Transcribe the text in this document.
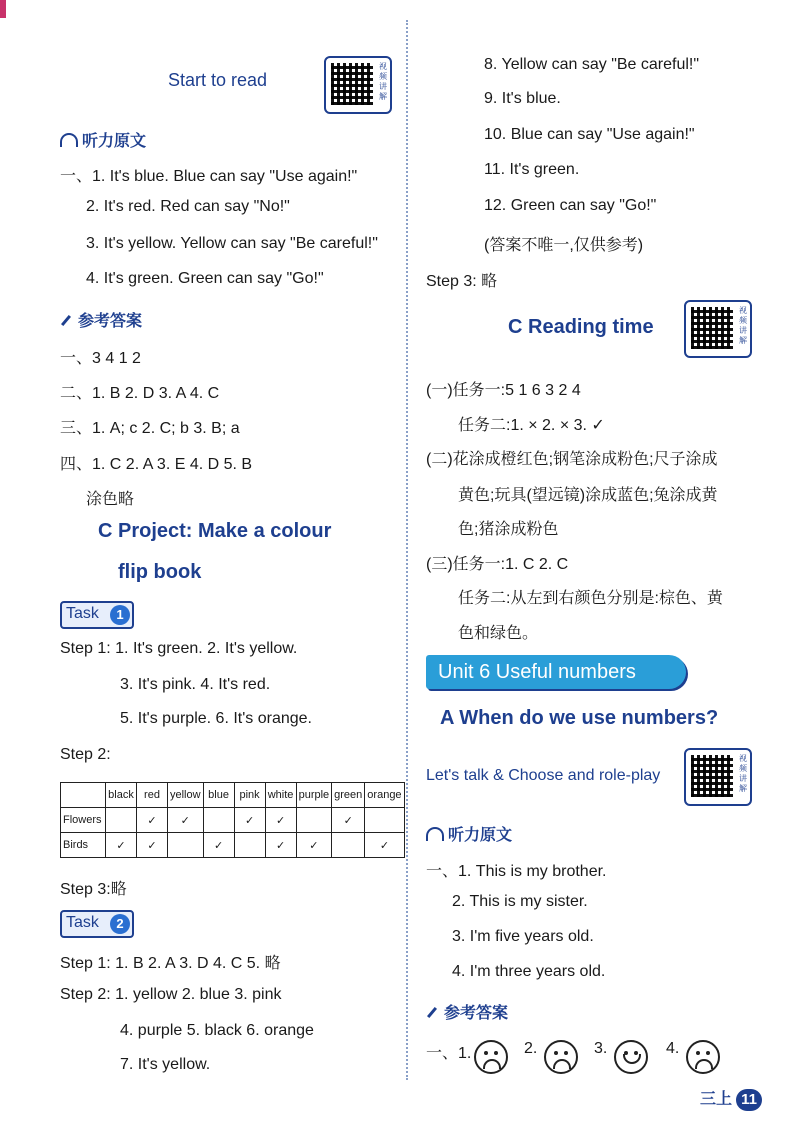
Start to read
视频讲解
听力原文
一、1. It's blue. Blue can say "Use again!"
2. It's red. Red can say "No!"
3. It's yellow. Yellow can say "Be careful!"
4. It's green. Green can say "Go!"
参考答案
一、3 4 1 2
二、1. B 2. D 3. A 4. C
三、1. A; c 2. C; b 3. B; a
四、1. C 2. A 3. E 4. D 5. B
涂色略
C Project: Make a colour
flip book
Task	1
Step 1: 1. It's green. 2. It's yellow.
3. It's pink. 4. It's red.
5. It's purple. 6. It's orange.
Step 2:
	black	red	yellow	blue	pink	white	purple	green	orange
Flowers		✓	✓		✓	✓		✓	
Birds	✓	✓		✓		✓	✓		✓
Step 3:略
Task	2
Step 1: 1. B 2. A 3. D 4. C 5. 略
Step 2: 1. yellow 2. blue 3. pink
4. purple 5. black 6. orange
7. It's yellow.
8. Yellow can say "Be careful!"
9. It's blue.
10. Blue can say "Use again!"
11. It's green.
12. Green can say "Go!"
(答案不唯一,仅供参考)
Step 3: 略
C Reading time
视频讲解
(一)任务一:5 1 6 3 2 4
任务二:1. × 2. × 3. ✓
(二)花涂成橙红色;钢笔涂成粉色;尺子涂成
黄色;玩具(望远镜)涂成蓝色;兔涂成黄
色;猪涂成粉色
(三)任务一:1. C 2. C
任务二:从左到右颜色分别是:棕色、黄
色和绿色。
Unit 6 Useful numbers
A When do we use numbers?
Let's talk & Choose and role-play
视频讲解
听力原文
一、1. This is my brother.
2. This is my sister.
3. I'm five years old.
4. I'm three years old.
参考答案
一、1.	2.	3.	4.
三上 11
